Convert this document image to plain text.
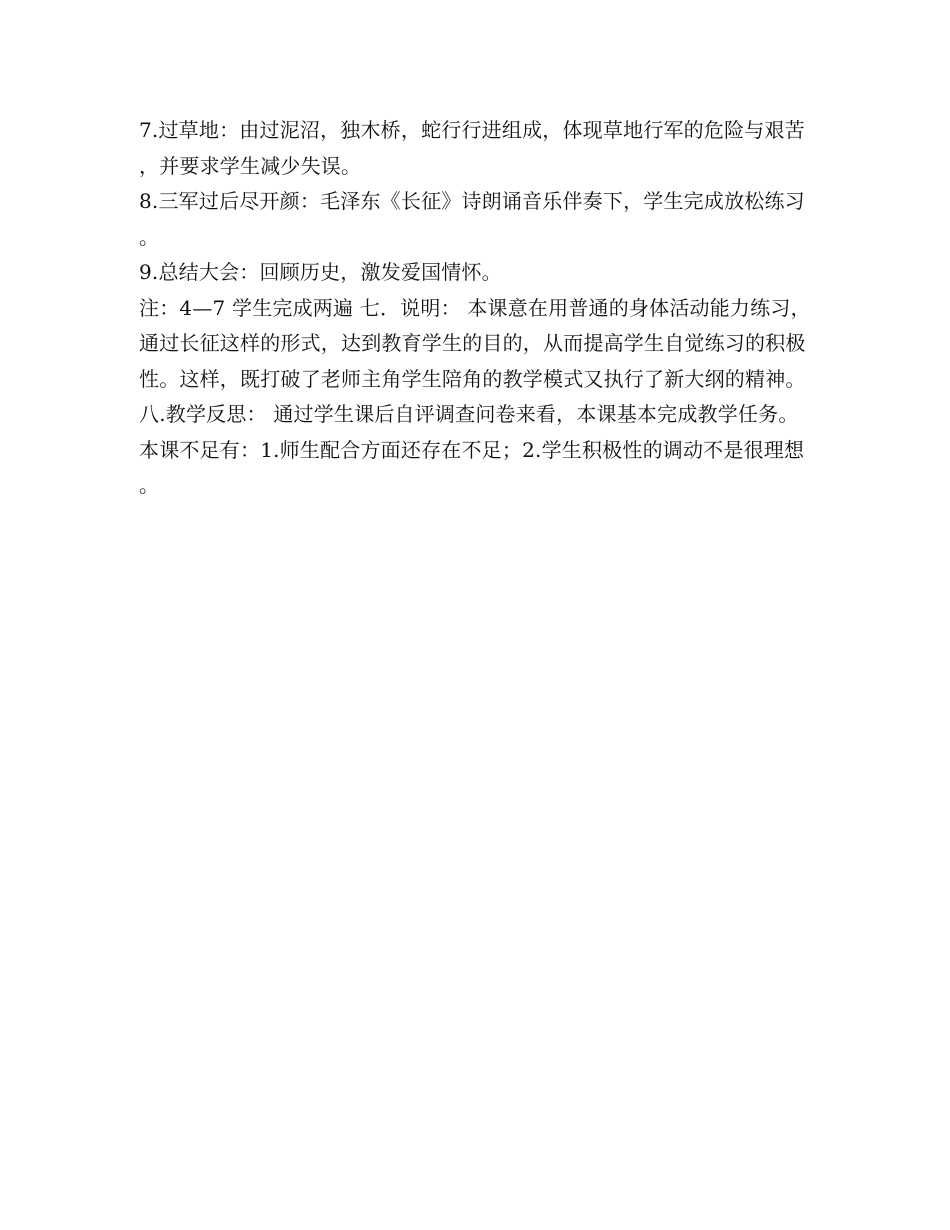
7.过草地：由过泥沼，独木桥，蛇行行进组成，体现草地行军的危险与艰苦，并要求学生减少失误。

8.三军过后尽开颜：毛泽东《长征》诗朗诵音乐伴奏下，学生完成放松练习。

9.总结大会：回顾历史，激发爱国情怀。

注：4—7 学生完成两遍 七．说明： 本课意在用普通的身体活动能力练习，通过长征这样的形式，达到教育学生的目的，从而提高学生自觉练习的积极性。这样，既打破了老师主角学生陪角的教学模式又执行了新大纲的精神。

八.教学反思： 通过学生课后自评调查问卷来看，本课基本完成教学任务。

本课不足有：1.师生配合方面还存在不足；2.学生积极性的调动不是很理想。
